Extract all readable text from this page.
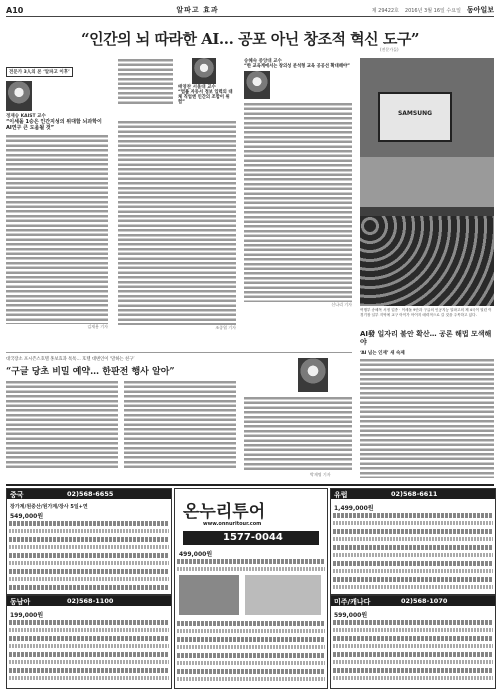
A10	알파고 효과	제 29422호 2016년 3월 16일 수요일 동아일보
“인간의 뇌 따라한 AI… 공포 아닌 창조적 혁신 도구”
(전문가들)
전문가 3人의 본 ‘알파고 이후’
정재승 KAIST 교수
“이세돌 1승은 인간지성의 위대함 뇌과학이 AI연구 큰 도움될 것”
김재용 기자
배영찬 서울대 교수
“법률 자동서 정보 입력의 대체 직업엔 인간의 조합이 위험”
조종엽 기자
송혜숙 중앙대 교수
“한 교육계에서는 창의성 분석형 교육 공공선 확대해야”
신나리 기자
SAMSUNG
여행부 송혜목 서정 업종 · 이세돌 9단과 구글의 인공지능 알파고의 제 4국이 열린 이 경기장 일부 지역에 교구 아이가 아이지 매력적으로 갈 것을 주목하고 있다.
AI發 일자리 불안 확산… 공론 해법 모색해야
‘AI 넘는 인재’ 새 숙제
대국장소 포시즌스호텔 홍보효과 톡톡… 호텔 대변인이 ‘말하는 친구’
“구글 당초 비밀 예약… 한판전 행사 알아”
박재명 기자
중국	02)568-6655
장가계/원중산/원가계/장사 5일+연
549,000원
동남아	02)568-1100
199,000원
온누리투어
www.onnuritour.com
1577-0044
499,000원
유럽	02)568-6611
1,499,000원
미주/캐나다	02)568-1070
599,000원
